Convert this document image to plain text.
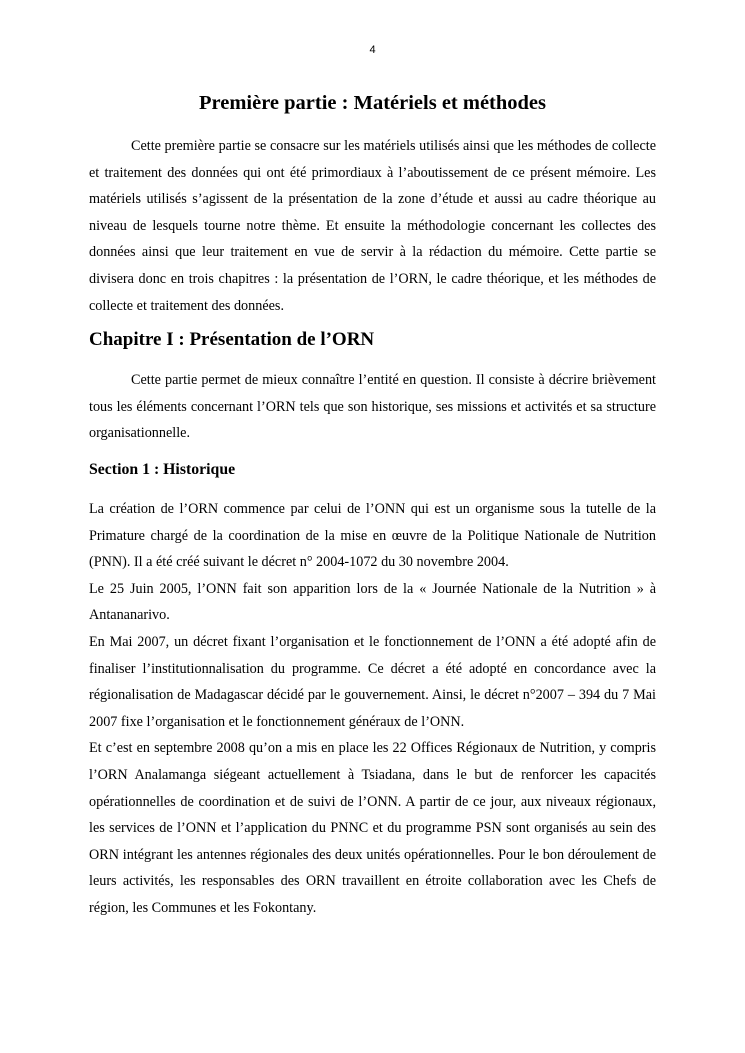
4
Première partie : Matériels et méthodes

Cette première partie se consacre sur les matériels utilisés ainsi que les méthodes de collecte et traitement des données qui ont été primordiaux à l’aboutissement de ce présent mémoire. Les matériels utilisés s’agissent de la présentation de la zone d’étude et aussi au cadre théorique au niveau de lesquels tourne notre thème. Et ensuite la méthodologie concernant les collectes des données ainsi que leur traitement en vue de servir à la rédaction du mémoire. Cette partie se divisera donc en trois chapitres : la présentation de l’ORN, le cadre théorique, et les méthodes de collecte et traitement des données.

Chapitre I : Présentation de l’ORN

Cette partie permet de mieux connaître l’entité en question. Il consiste à décrire brièvement tous les éléments concernant l’ORN tels que son historique, ses missions et activités et sa structure organisationnelle.

Section 1 : Historique

La création de l’ORN commence par celui de l’ONN qui est un organisme sous la tutelle de la Primature chargé de la coordination de la mise en œuvre de la Politique Nationale de Nutrition (PNN). Il a été créé suivant le décret n° 2004-1072 du 30 novembre 2004.

Le 25 Juin 2005, l’ONN fait son apparition lors de la « Journée Nationale de la Nutrition » à Antananarivo.

En Mai 2007, un décret fixant l’organisation et le fonctionnement de l’ONN a été adopté afin de finaliser l’institutionnalisation du programme. Ce décret a été adopté en concordance avec la régionalisation de Madagascar décidé par le gouvernement. Ainsi, le décret n°2007 – 394 du 7 Mai 2007 fixe l’organisation et le fonctionnement généraux de l’ONN.

Et c’est en septembre 2008 qu’on a mis en place les 22 Offices Régionaux de Nutrition, y compris l’ORN Analamanga siégeant actuellement à Tsiadana, dans le but de renforcer les capacités opérationnelles de coordination et de suivi de l’ONN. A partir de ce jour, aux niveaux régionaux, les services de l’ONN et l’application du PNNC et du programme PSN sont organisés au sein des ORN intégrant les antennes régionales des deux unités opérationnelles. Pour le bon déroulement de leurs activités, les responsables des ORN travaillent en étroite collaboration avec les Chefs de région, les Communes et les Fokontany.
